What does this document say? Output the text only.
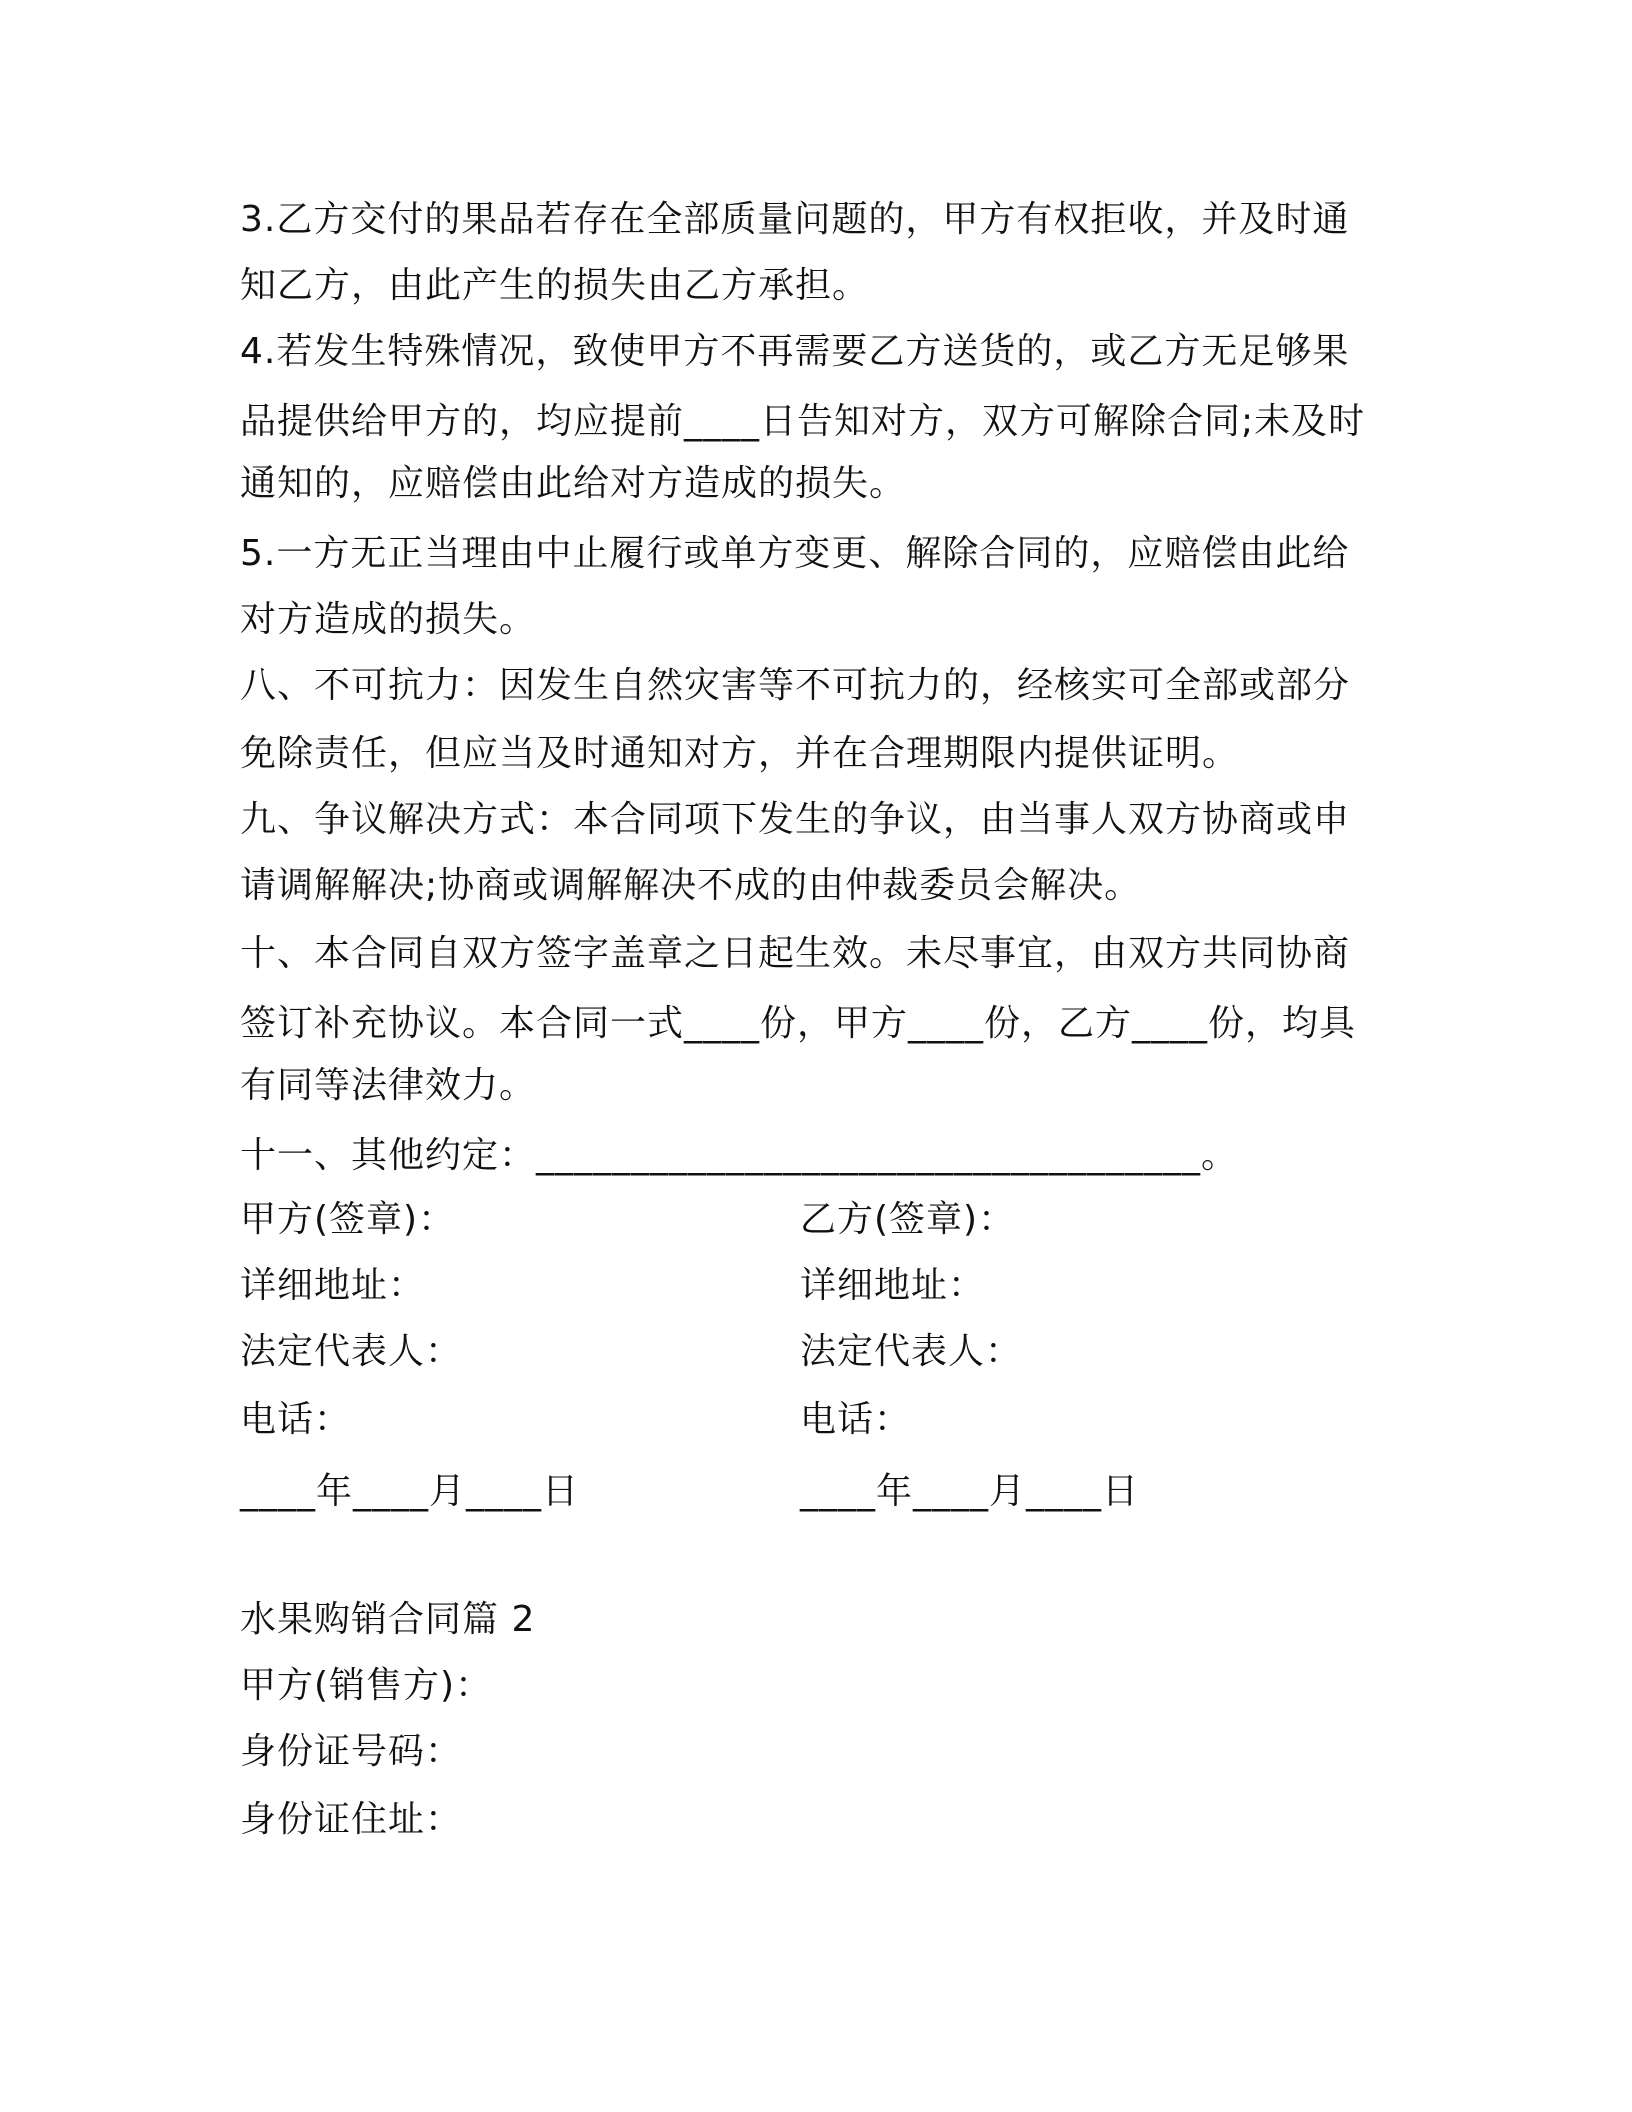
3.乙方交付的果品若存在全部质量问题的，甲方有权拒收，并及时通
知乙方，由此产生的损失由乙方承担。
4.若发生特殊情况，致使甲方不再需要乙方送货的，或乙方无足够果
品提供给甲方的，均应提前____日告知对方，双方可解除合同;未及时
通知的，应赔偿由此给对方造成的损失。
5.一方无正当理由中止履行或单方变更、解除合同的，应赔偿由此给
对方造成的损失。
八、不可抗力：因发生自然灾害等不可抗力的，经核实可全部或部分
免除责任，但应当及时通知对方，并在合理期限内提供证明。
九、争议解决方式：本合同项下发生的争议，由当事人双方协商或申
请调解解决;协商或调解解决不成的由仲裁委员会解决。
十、本合同自双方签字盖章之日起生效。未尽事宜，由双方共同协商
签订补充协议。本合同一式____份，甲方____份，乙方____份，均具
有同等法律效力。
十一、其他约定：___________________________________。
甲方(签章)：
详细地址：
法定代表人：
电话：
____年____月____日
乙方(签章)：
详细地址：
法定代表人：
电话：
____年____月____日
水果购销合同篇 2
甲方(销售方)：
身份证号码：
身份证住址：
